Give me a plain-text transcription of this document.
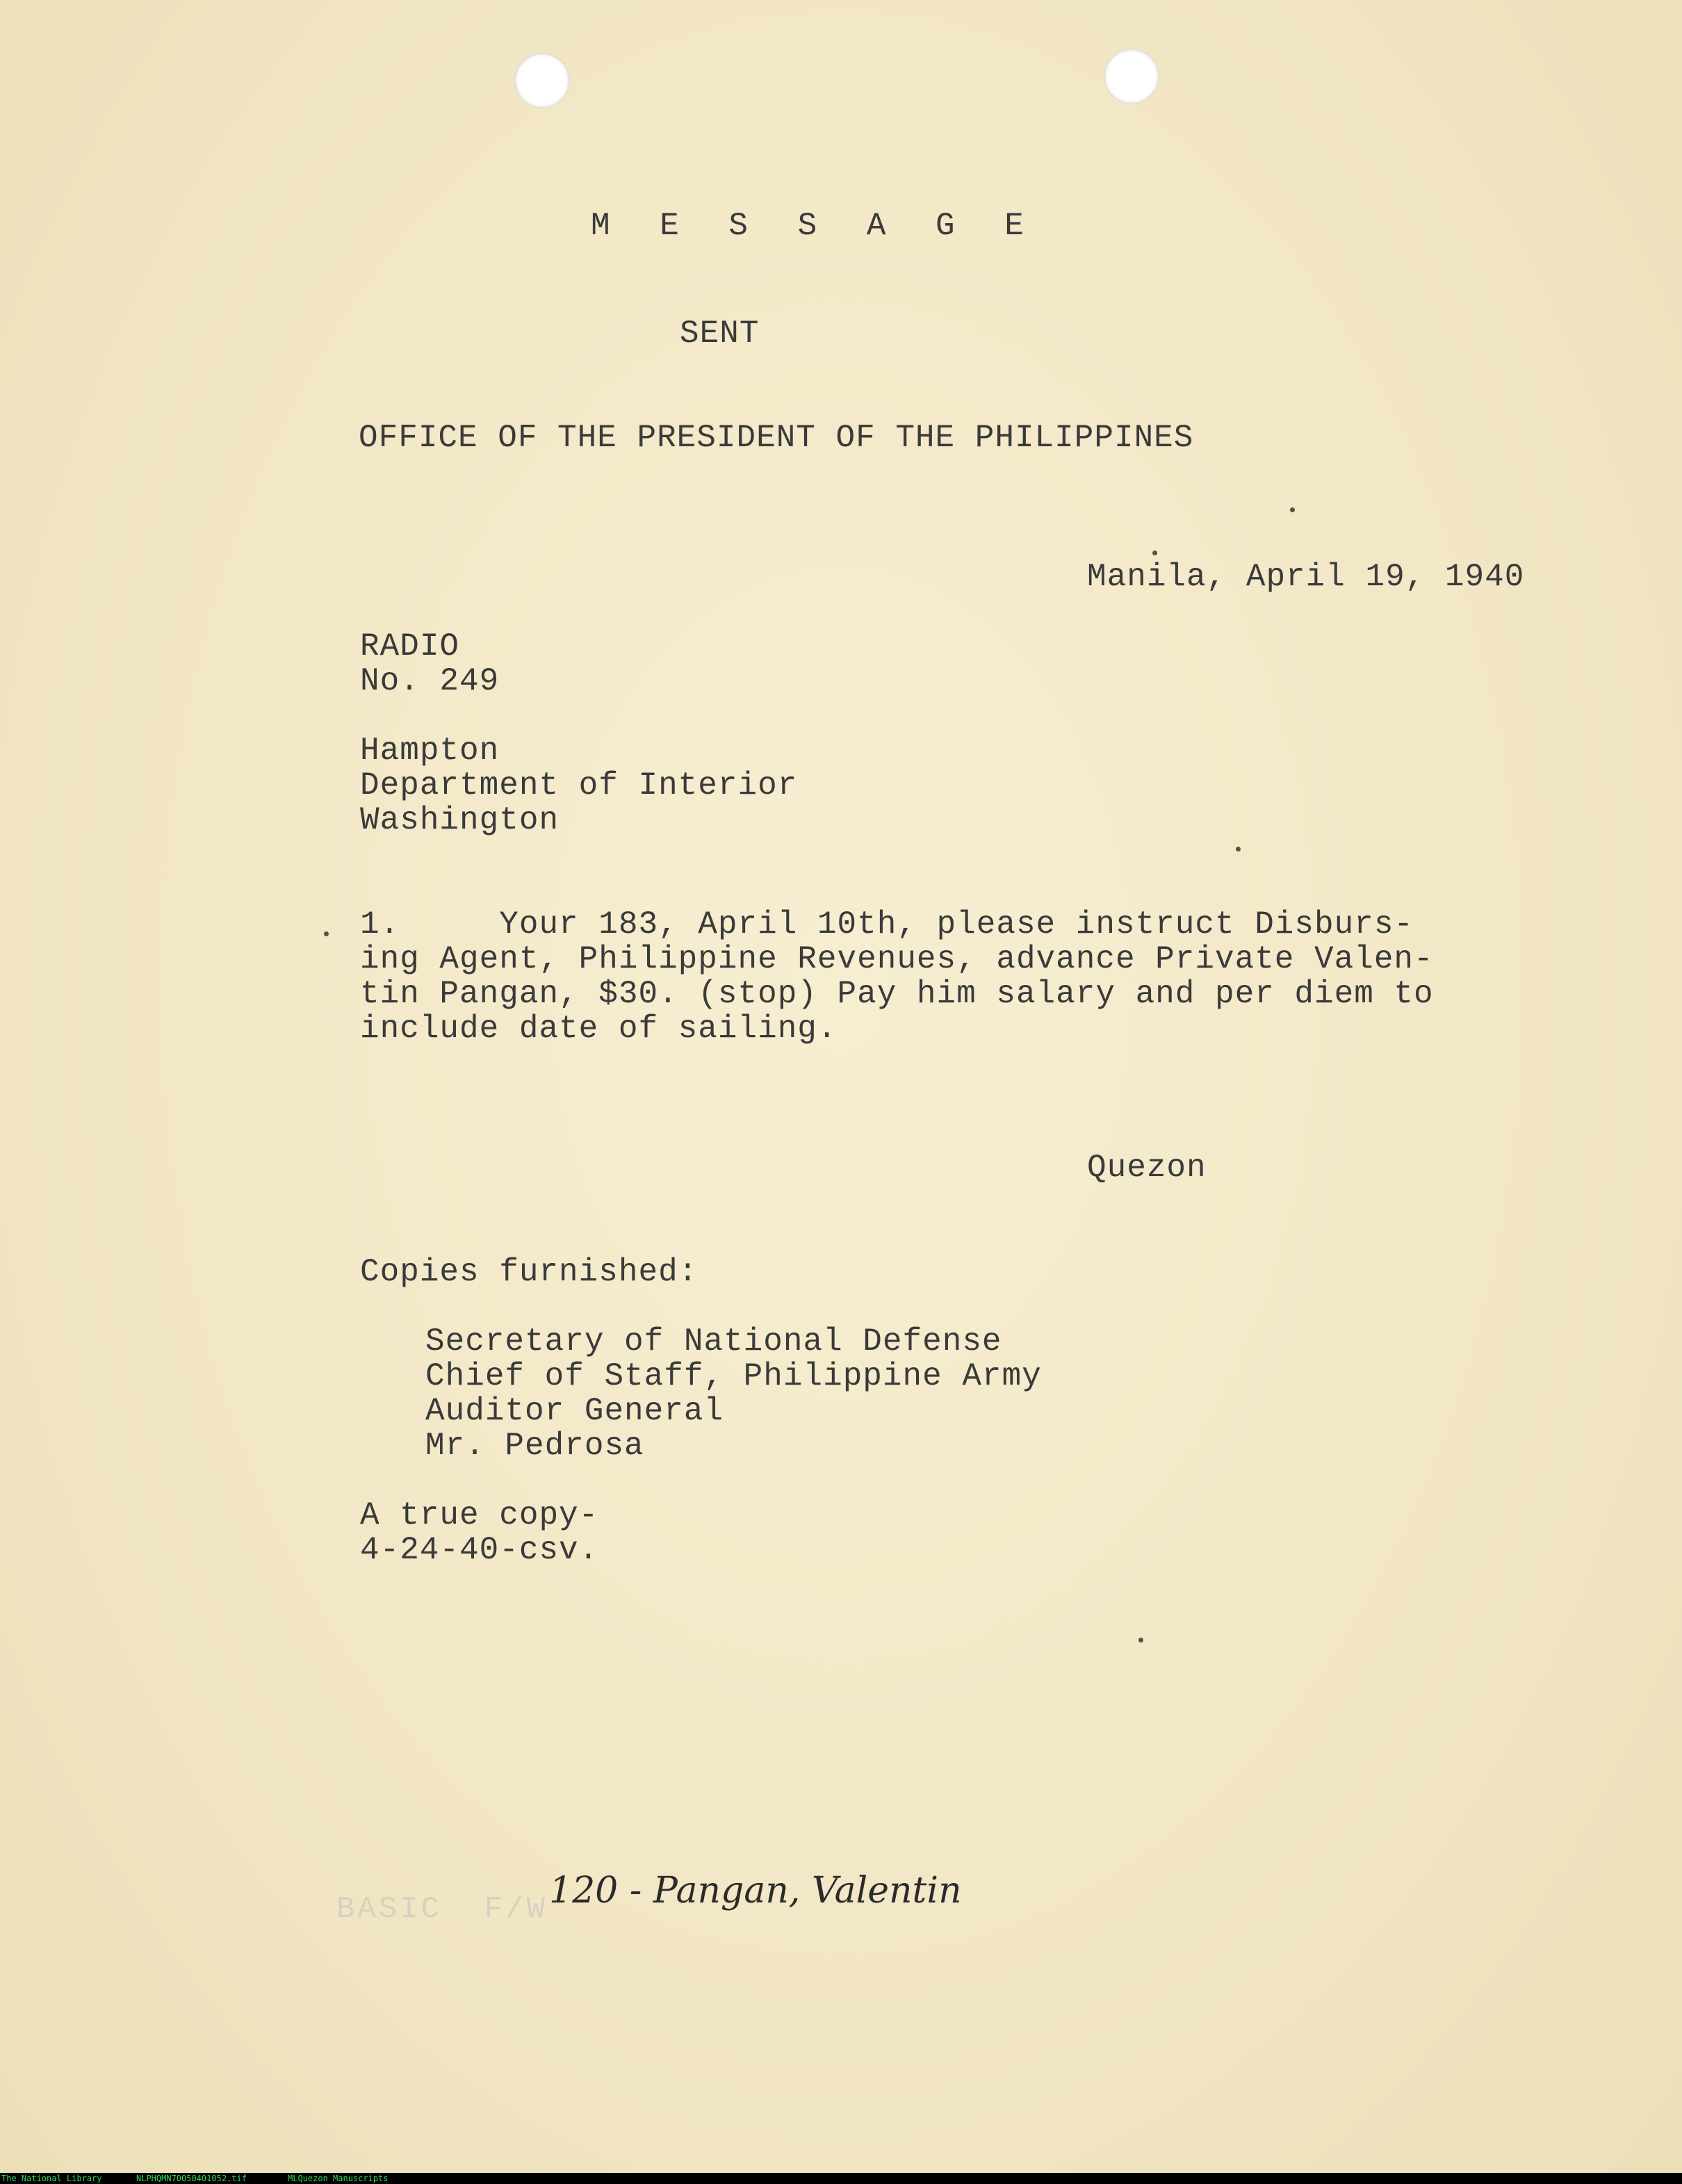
M E S S A G E
SENT
OFFICE OF THE PRESIDENT OF THE PHILIPPINES
Manila, April 19, 1940
RADIO
No. 249
Hampton
Department of Interior
Washington
1.     Your 183, April 10th, please instruct Disburs-
ing Agent, Philippine Revenues, advance Private Valen-
tin Pangan, $30. (stop) Pay him salary and per diem to
include date of sailing.
Quezon
Copies furnished:
Secretary of National Defense
Chief of Staff, Philippine Army
Auditor General
Mr. Pedrosa
A true copy-
4-24-40-csv.
BASIC  F/W 120 - Pangan, Valentin
The National Library	NLPHQMN70050401052.tif	MLQuezon Manuscripts
